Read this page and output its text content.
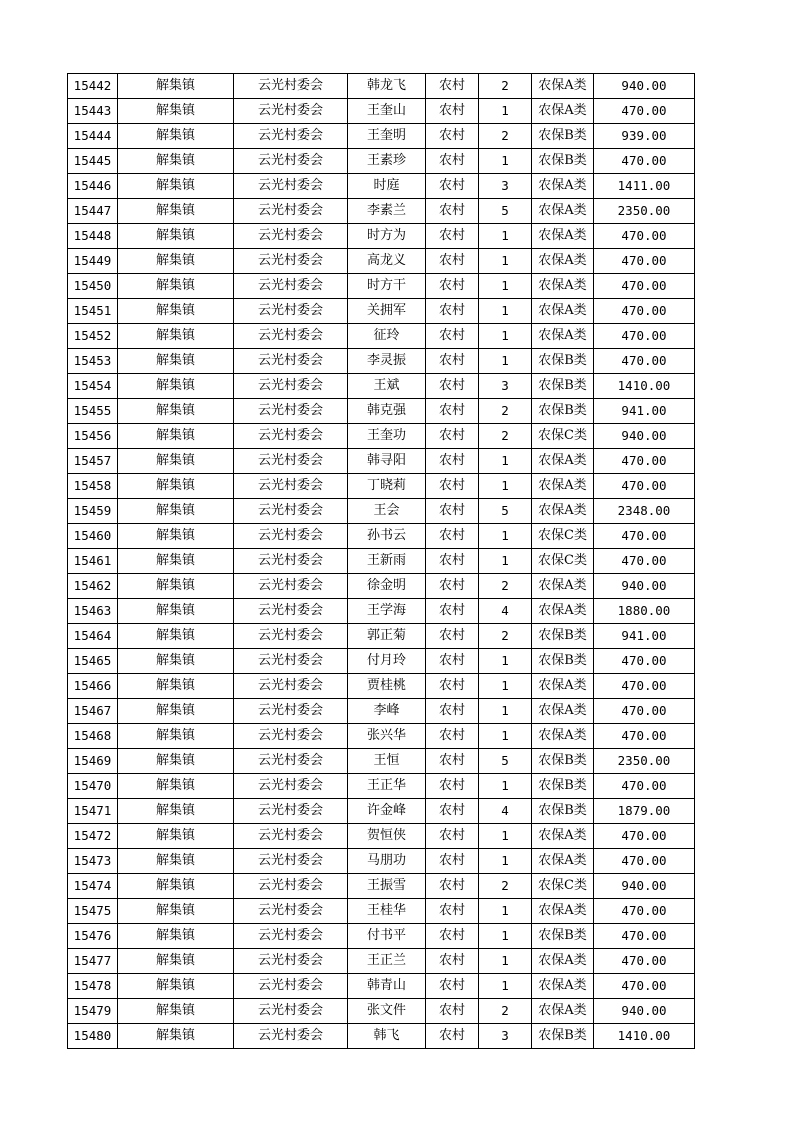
15442	解集镇	云光村委会	韩龙飞	农村	2	农保A类	940.00
15443	解集镇	云光村委会	王奎山	农村	1	农保A类	470.00
15444	解集镇	云光村委会	王奎明	农村	2	农保B类	939.00
15445	解集镇	云光村委会	王素珍	农村	1	农保B类	470.00
15446	解集镇	云光村委会	时庭	农村	3	农保A类	1411.00
15447	解集镇	云光村委会	李素兰	农村	5	农保A类	2350.00
15448	解集镇	云光村委会	时方为	农村	1	农保A类	470.00
15449	解集镇	云光村委会	高龙义	农村	1	农保A类	470.00
15450	解集镇	云光村委会	时方干	农村	1	农保A类	470.00
15451	解集镇	云光村委会	关拥军	农村	1	农保A类	470.00
15452	解集镇	云光村委会	征玲	农村	1	农保A类	470.00
15453	解集镇	云光村委会	李灵振	农村	1	农保B类	470.00
15454	解集镇	云光村委会	王斌	农村	3	农保B类	1410.00
15455	解集镇	云光村委会	韩克强	农村	2	农保B类	941.00
15456	解集镇	云光村委会	王奎功	农村	2	农保C类	940.00
15457	解集镇	云光村委会	韩寻阳	农村	1	农保A类	470.00
15458	解集镇	云光村委会	丁晓莉	农村	1	农保A类	470.00
15459	解集镇	云光村委会	王会	农村	5	农保A类	2348.00
15460	解集镇	云光村委会	孙书云	农村	1	农保C类	470.00
15461	解集镇	云光村委会	王新雨	农村	1	农保C类	470.00
15462	解集镇	云光村委会	徐金明	农村	2	农保A类	940.00
15463	解集镇	云光村委会	王学海	农村	4	农保A类	1880.00
15464	解集镇	云光村委会	郭正菊	农村	2	农保B类	941.00
15465	解集镇	云光村委会	付月玲	农村	1	农保B类	470.00
15466	解集镇	云光村委会	贾桂桃	农村	1	农保A类	470.00
15467	解集镇	云光村委会	李峰	农村	1	农保A类	470.00
15468	解集镇	云光村委会	张兴华	农村	1	农保A类	470.00
15469	解集镇	云光村委会	王恒	农村	5	农保B类	2350.00
15470	解集镇	云光村委会	王正华	农村	1	农保B类	470.00
15471	解集镇	云光村委会	许金峰	农村	4	农保B类	1879.00
15472	解集镇	云光村委会	贺恒侠	农村	1	农保A类	470.00
15473	解集镇	云光村委会	马朋功	农村	1	农保A类	470.00
15474	解集镇	云光村委会	王振雪	农村	2	农保C类	940.00
15475	解集镇	云光村委会	王桂华	农村	1	农保A类	470.00
15476	解集镇	云光村委会	付书平	农村	1	农保B类	470.00
15477	解集镇	云光村委会	王正兰	农村	1	农保A类	470.00
15478	解集镇	云光村委会	韩青山	农村	1	农保A类	470.00
15479	解集镇	云光村委会	张文件	农村	2	农保A类	940.00
15480	解集镇	云光村委会	韩飞	农村	3	农保B类	1410.00
